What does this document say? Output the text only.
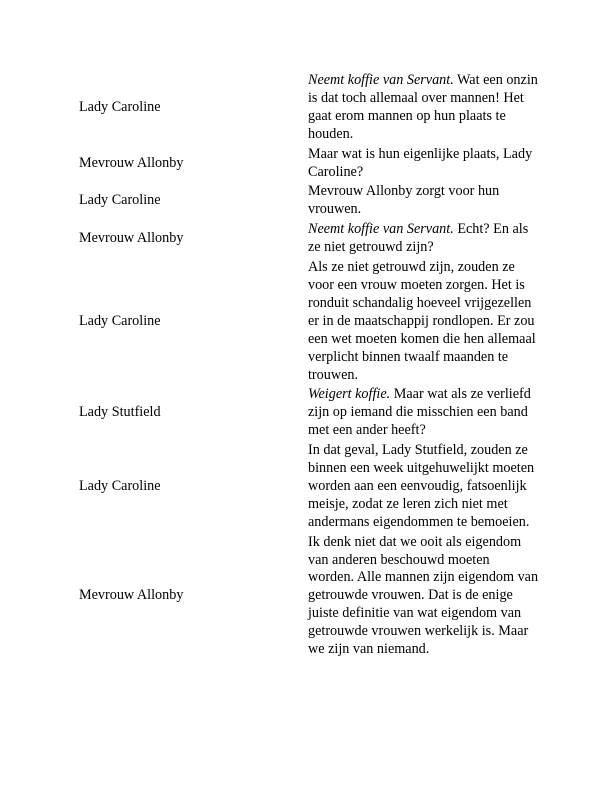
Lady Caroline	Neemt koffie van Servant. Wat een onzin is dat toch allemaal over mannen! Het gaat erom mannen op hun plaats te houden.
Mevrouw Allonby	Maar wat is hun eigenlijke plaats, Lady Caroline?
Lady Caroline	Mevrouw Allonby zorgt voor hun vrouwen.
Mevrouw Allonby	Neemt koffie van Servant. Echt? En als ze niet getrouwd zijn?
Lady Caroline	Als ze niet getrouwd zijn, zouden ze voor een vrouw moeten zorgen. Het is ronduit schandalig hoeveel vrijgezellen er in de maatschappij rondlopen. Er zou een wet moeten komen die hen allemaal verplicht binnen twaalf maanden te trouwen.
Lady Stutfield	Weigert koffie. Maar wat als ze verliefd zijn op iemand die misschien een band met een ander heeft?
Lady Caroline	In dat geval, Lady Stutfield, zouden ze binnen een week uitgehuwelijkt moeten worden aan een eenvoudig, fatsoenlijk meisje, zodat ze leren zich niet met andermans eigendommen te bemoeien.
Mevrouw Allonby	Ik denk niet dat we ooit als eigendom van anderen beschouwd moeten worden. Alle mannen zijn eigendom van getrouwde vrouwen. Dat is de enige juiste definitie van wat eigendom van getrouwde vrouwen werkelijk is. Maar we zijn van niemand.
